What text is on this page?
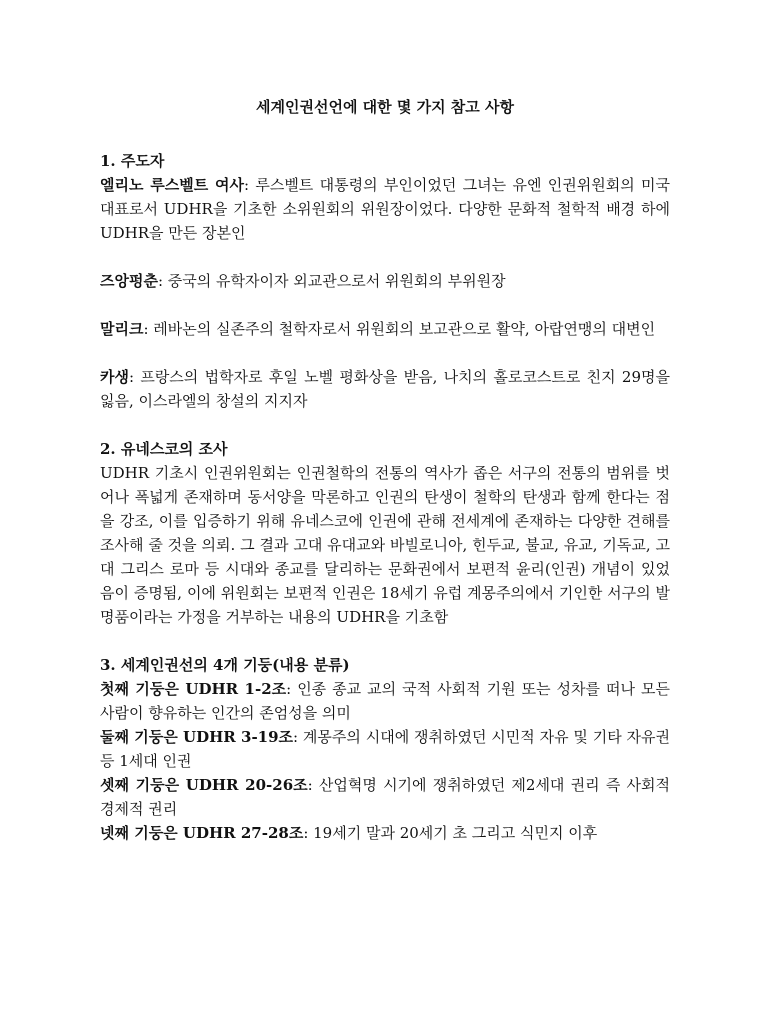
세계인권선언에 대한 몇 가지 참고 사항
1. 주도자

엘리노 루스벨트 여사: 루스벨트 대통령의 부인이었던 그녀는 유엔 인권위원회의 미국 대표로서 UDHR을 기초한 소위원회의 위원장이었다. 다양한 문화적 철학적 배경 하에 UDHR을 만든 장본인

즈앙펑춘: 중국의 유학자이자 외교관으로서 위원회의 부위원장

말리크: 레바논의 실존주의 철학자로서 위원회의 보고관으로 활약, 아랍연맹의 대변인

카생: 프랑스의 법학자로 후일 노벨 평화상을 받음, 나치의 홀로코스트로 친지 29명을 잃음, 이스라엘의 창설의 지지자

2. 유네스코의 조사

UDHR 기초시 인권위원회는 인권철학의 전통의 역사가 좁은 서구의 전통의 범위를 벗어나 폭넓게 존재하며 동서양을 막론하고 인권의 탄생이 철학의 탄생과 함께 한다는 점을 강조, 이를 입증하기 위해 유네스코에 인권에 관해 전세계에 존재하는 다양한 견해를 조사해 줄 것을 의뢰. 그 결과 고대 유대교와 바빌로니아, 힌두교, 불교, 유교, 기독교, 고대 그리스 로마 등 시대와 종교를 달리하는 문화권에서 보편적 윤리(인권) 개념이 있었음이 증명됨, 이에 위원회는 보편적 인권은 18세기 유럽 계몽주의에서 기인한 서구의 발명품이라는 가정을 거부하는 내용의 UDHR을 기초함

3. 세계인권선의 4개 기둥(내용 분류)

첫째 기둥은 UDHR 1-2조: 인종 종교 교의 국적 사회적 기원 또는 성차를 떠나 모든 사람이 향유하는 인간의 존엄성을 의미

둘째 기둥은 UDHR 3-19조: 계몽주의 시대에 쟁취하였던 시민적 자유 및 기타 자유권 등 1세대 인권

셋째 기둥은 UDHR 20-26조: 산업혁명 시기에 쟁취하였던 제2세대 권리 즉 사회적 경제적 권리

넷째 기둥은 UDHR 27-28조: 19세기 말과 20세기 초 그리고 식민지 이후
